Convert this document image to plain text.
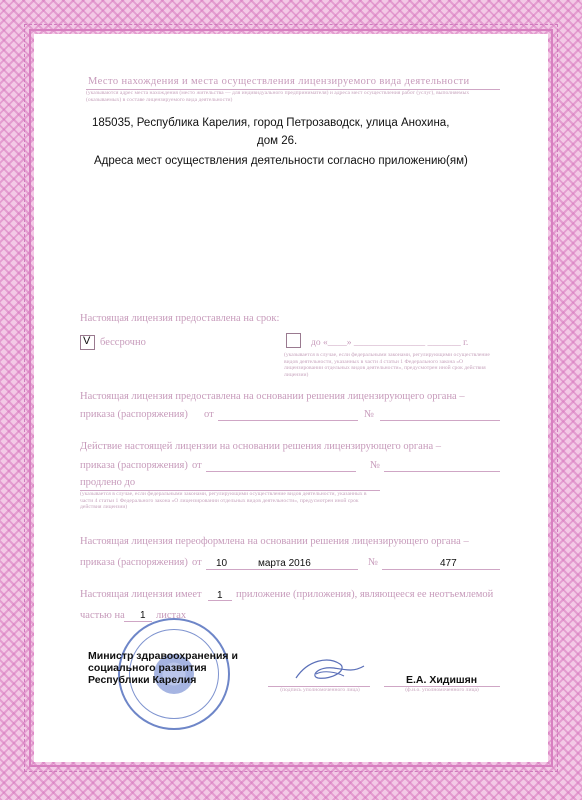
Место нахождения и места осуществления лицензируемого вида деятельности
(указываются адрес места нахождения (место жительства — для индивидуального предпринимателя) и адреса мест осуществления работ (услуг), выполняемых (оказываемых) в составе лицензируемого вида деятельности)
185035, Республика Карелия, город Петрозаводск, улица Анохина,
дом 26.
Адреса мест осуществления деятельности согласно приложению(ям)
Настоящая лицензия предоставлена на срок:
V бессрочно	до «____» _______________ _______ г.
(указывается в случае, если федеральными законами, регулирующими осуществление видов деятельности, указанных в части 4 статьи 1 Федерального закона «О лицензировании отдельных видов деятельности», предусмотрен иной срок действия лицензии)
Настоящая лицензия предоставлена на основании решения лицензирующего органа –
приказа (распоряжения) от	№
Действие настоящей лицензии на основании решения лицензирующего органа –
приказа (распоряжения) от	№
продлено до
(указывается в случае, если федеральными законами, регулирующими осуществление видов деятельности, указанных в части 4 статьи 1 Федерального закона «О лицензировании отдельных видов деятельности», предусмотрен иной срок действия лицензии)
Настоящая лицензия переоформлена на основании решения лицензирующего органа –
приказа (распоряжения) от 10	марта 2016	№	477
Настоящая лицензия имеет 1 приложение (приложения), являющееся ее неотъемлемой
частью на 1 листах
Министр здравоохранения и
социального развития
Республики Карелия
(подпись уполномоченного лица)
Е.А. Хидишян
(ф.и.о. уполномоченного лица)
